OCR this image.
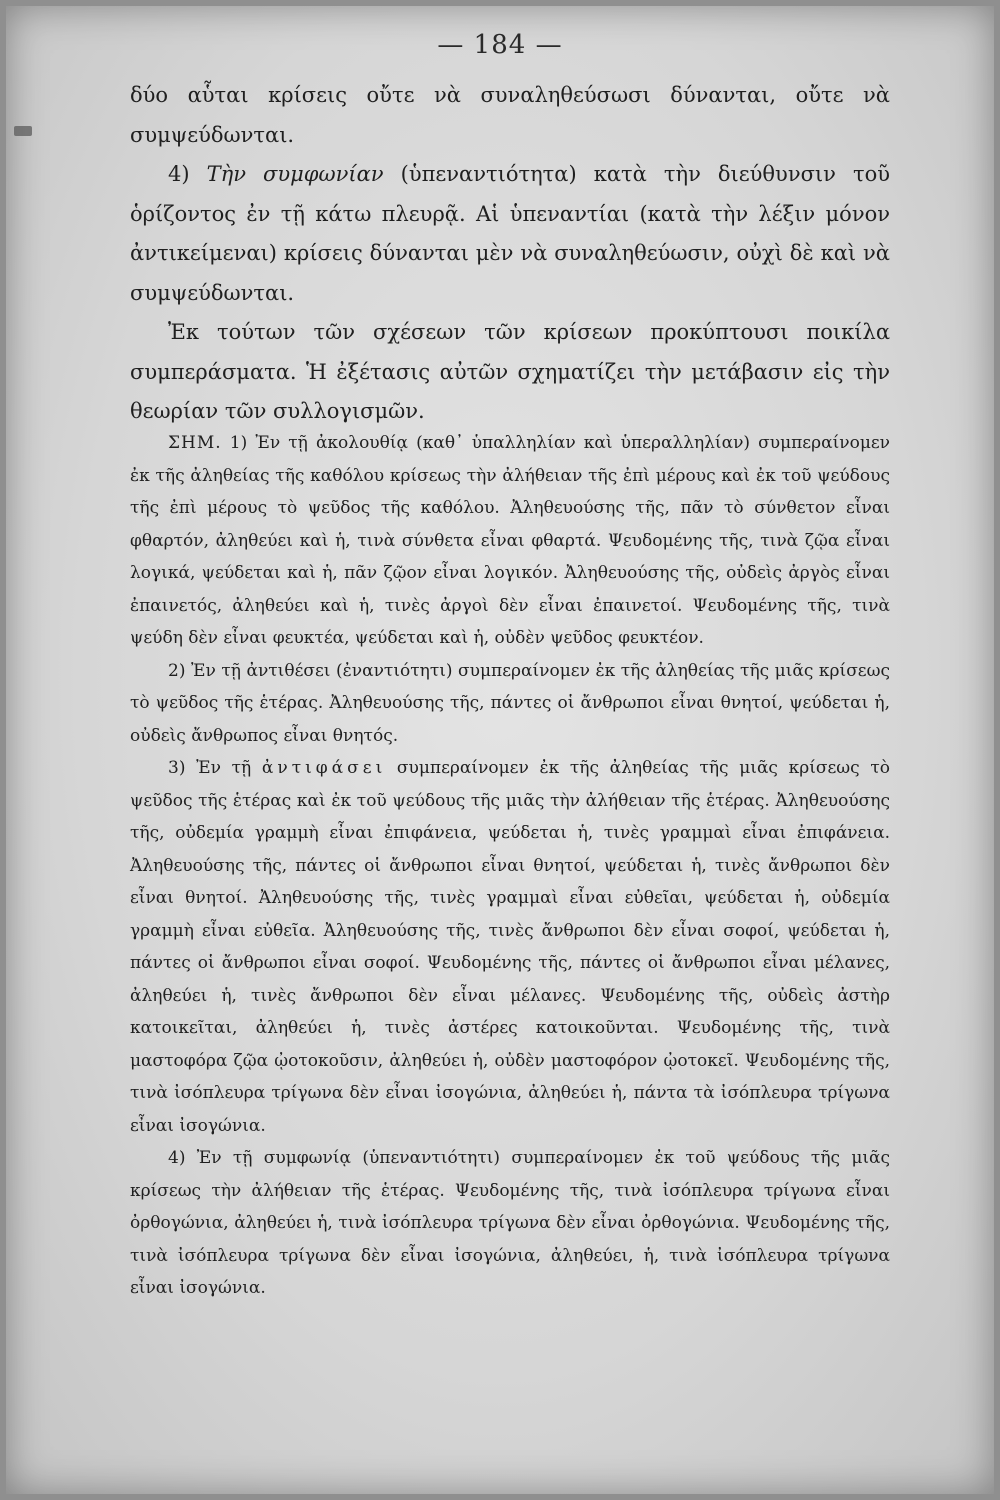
— 184 —

δύο αὗται κρίσεις οὔτε νὰ συναληθεύσωσι δύνανται, οὔτε νὰ συμψεύδωνται.

4) Τὴν συμφωνίαν (ὑπεναντιότητα) κατὰ τὴν διεύθυνσιν τοῦ ὁρίζοντος ἐν τῇ κάτω πλευρᾷ. Αἱ ὑπεναντίαι (κατὰ τὴν λέξιν μόνον ἀντικείμεναι) κρίσεις δύνανται μὲν νὰ συναληθεύωσιν, οὐχὶ δὲ καὶ νὰ συμψεύδωνται.

Ἐκ τούτων τῶν σχέσεων τῶν κρίσεων προκύπτουσι ποικίλα συμπεράσματα. Ἡ ἐξέτασις αὐτῶν σχηματίζει τὴν μετάβασιν εἰς τὴν θεωρίαν τῶν συλλογισμῶν.

ΣΗΜ. 1) Ἐν τῇ ἀκολουθίᾳ (καθ᾽ ὑπαλληλίαν καὶ ὑπεραλληλίαν) συμπεραίνομεν ἐκ τῆς ἀληθείας τῆς καθόλου κρίσεως τὴν ἀλήθειαν τῆς ἐπὶ μέρους καὶ ἐκ τοῦ ψεύδους τῆς ἐπὶ μέρους τὸ ψεῦδος τῆς καθόλου. Ἀληθευούσης τῆς, πᾶν τὸ σύνθετον εἶναι φθαρτόν, ἀληθεύει καὶ ἡ, τινὰ σύνθετα εἶναι φθαρτά. Ψευδομένης τῆς, τινὰ ζῷα εἶναι λογικά, ψεύδεται καὶ ἡ, πᾶν ζῷον εἶναι λογικόν. Ἀληθευούσης τῆς, οὐδεὶς ἀργὸς εἶναι ἐπαινετός, ἀληθεύει καὶ ἡ, τινὲς ἀργοὶ δὲν εἶναι ἐπαινετοί. Ψευδομένης τῆς, τινὰ ψεύδη δὲν εἶναι φευκτέα, ψεύδεται καὶ ἡ, οὐδὲν ψεῦδος φευκτέον.

2) Ἐν τῇ ἀντιθέσει (ἐναντιότητι) συμπεραίνομεν ἐκ τῆς ἀληθείας τῆς μιᾶς κρίσεως τὸ ψεῦδος τῆς ἑτέρας. Ἀληθευούσης τῆς, πάντες οἱ ἄνθρωποι εἶναι θνητοί, ψεύδεται ἡ, οὐδεὶς ἄνθρωπος εἶναι θνητός.

3) Ἐν τῇ ἀντιφάσει συμπεραίνομεν ἐκ τῆς ἀληθείας τῆς μιᾶς κρίσεως τὸ ψεῦδος τῆς ἑτέρας καὶ ἐκ τοῦ ψεύδους τῆς μιᾶς τὴν ἀλήθειαν τῆς ἑτέρας. Ἀληθευούσης τῆς, οὐδεμία γραμμὴ εἶναι ἐπιφάνεια, ψεύδεται ἡ, τινὲς γραμμαὶ εἶναι ἐπιφάνεια. Ἀληθευούσης τῆς, πάντες οἱ ἄνθρωποι εἶναι θνητοί, ψεύδεται ἡ, τινὲς ἄνθρωποι δὲν εἶναι θνητοί. Ἀληθευούσης τῆς, τινὲς γραμμαὶ εἶναι εὐθεῖαι, ψεύδεται ἡ, οὐδεμία γραμμὴ εἶναι εὐθεῖα. Ἀληθευούσης τῆς, τινὲς ἄνθρωποι δὲν εἶναι σοφοί, ψεύδεται ἡ, πάντες οἱ ἄνθρωποι εἶναι σοφοί. Ψευδομένης τῆς, πάντες οἱ ἄνθρωποι εἶναι μέλανες, ἀληθεύει ἡ, τινὲς ἄνθρωποι δὲν εἶναι μέλανες. Ψευδομένης τῆς, οὐδεὶς ἀστὴρ κατοικεῖται, ἀληθεύει ἡ, τινὲς ἀστέρες κατοικοῦνται. Ψευδομένης τῆς, τινὰ μαστοφόρα ζῷα ᾠοτοκοῦσιν, ἀληθεύει ἡ, οὐδὲν μαστοφόρον ᾠοτοκεῖ. Ψευδομένης τῆς, τινὰ ἰσόπλευρα τρίγωνα δὲν εἶναι ἰσογώνια, ἀληθεύει ἡ, πάντα τὰ ἰσόπλευρα τρίγωνα εἶναι ἰσογώνια.

4) Ἐν τῇ συμφωνίᾳ (ὑπεναντιότητι) συμπεραίνομεν ἐκ τοῦ ψεύδους τῆς μιᾶς κρίσεως τὴν ἀλήθειαν τῆς ἑτέρας. Ψευδομένης τῆς, τινὰ ἰσόπλευρα τρίγωνα εἶναι ὀρθογώνια, ἀληθεύει ἡ, τινὰ ἰσόπλευρα τρίγωνα δὲν εἶναι ὀρθογώνια. Ψευδομένης τῆς, τινὰ ἰσόπλευρα τρίγωνα δὲν εἶναι ἰσογώνια, ἀληθεύει, ἡ, τινὰ ἰσόπλευρα τρίγωνα εἶναι ἰσογώνια.
